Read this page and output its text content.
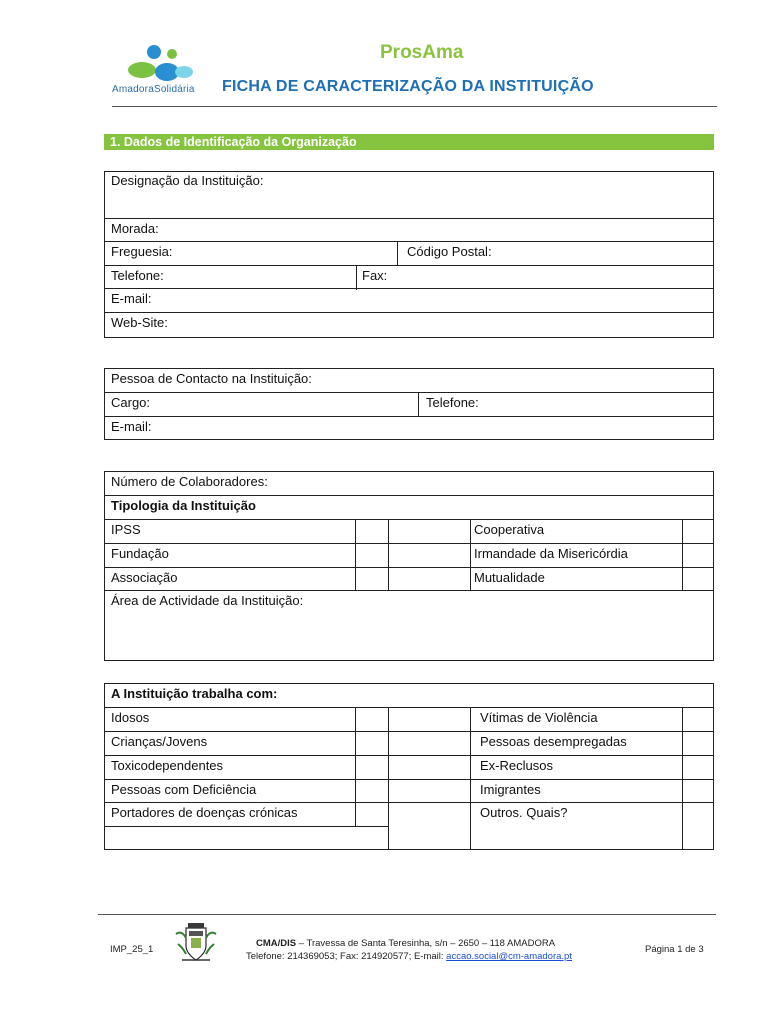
AmadoraSolidária
ProsAma
FICHA DE CARACTERIZAÇÃO DA INSTITUIÇÃO
1. Dados de Identificação da Organização
Designação da Instituição:
Morada:
Freguesia:	Código Postal:
Telefone:	Fax:
E-mail:
Web-Site:
Pessoa de Contacto na Instituição:
Cargo:	Telefone:
E-mail:
Número de Colaboradores:
Tipologia da Instituição
IPSS	Cooperativa
Fundação	Irmandade da Misericórdia
Associação	Mutualidade
Área de Actividade da Instituição:
A Instituição trabalha com:
Idosos	Vítimas de Violência
Crianças/Jovens	Pessoas desempregadas
Toxicodependentes	Ex-Reclusos
Pessoas com Deficiência	Imigrantes
Portadores de doenças crónicas	Outros. Quais?
IMP_25_1
CMA/DIS – Travessa de Santa Teresinha, s/n – 2650 – 118 AMADORA
Telefone: 214369053; Fax: 214920577; E-mail: accao.social@cm-amadora.pt
Página 1 de 3
